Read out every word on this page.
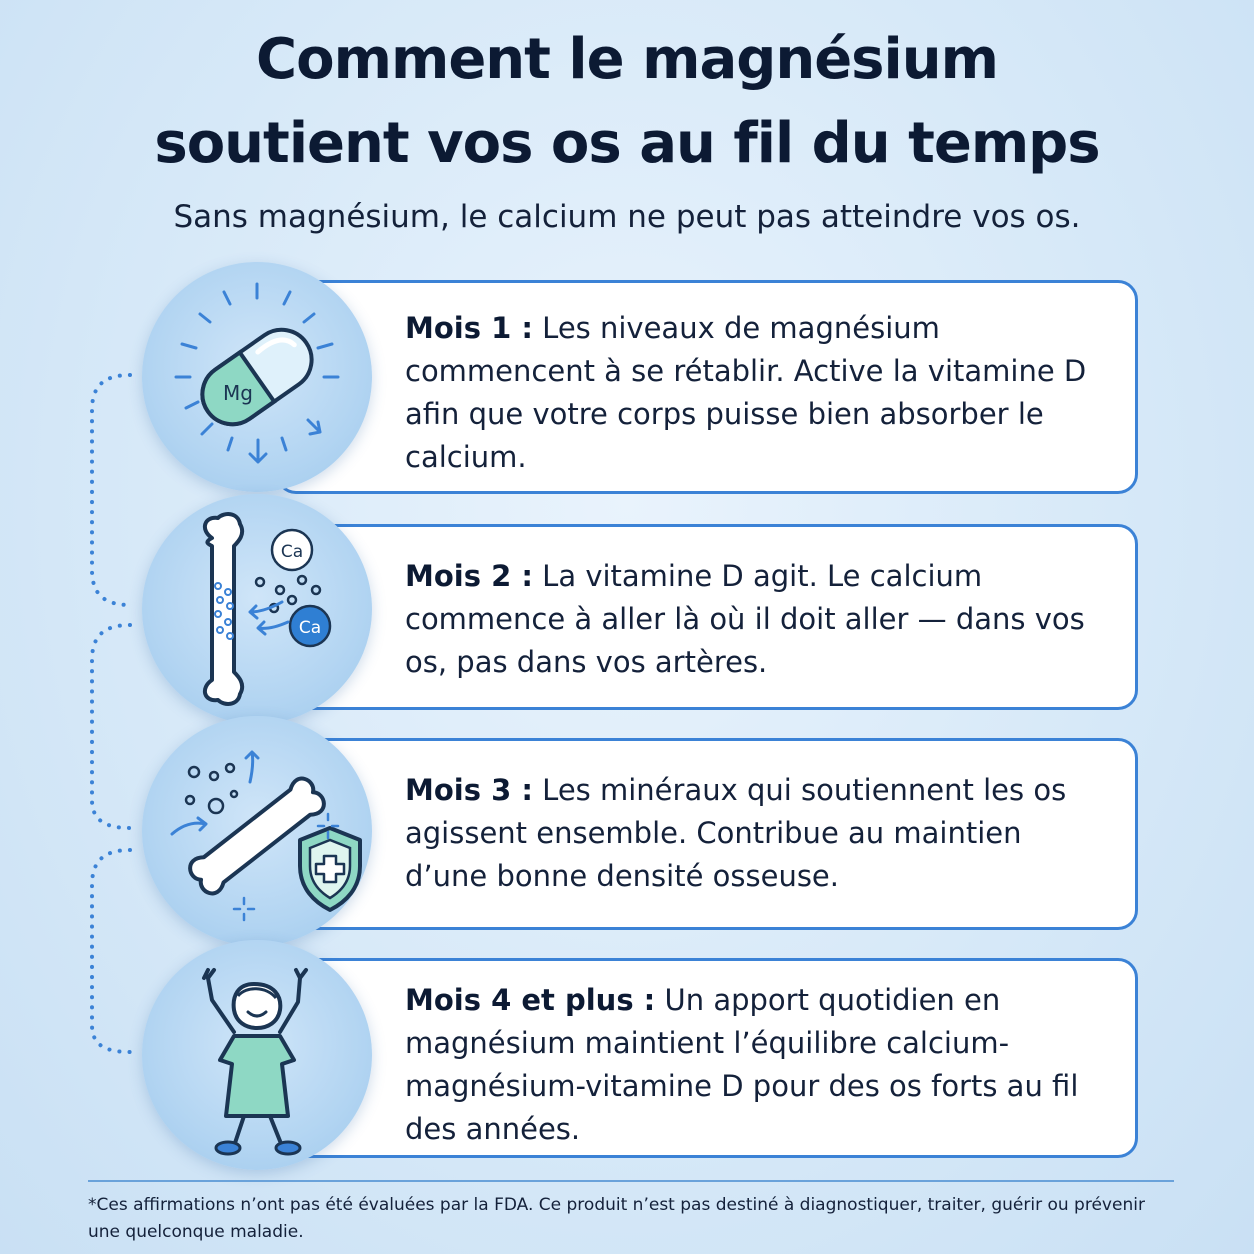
Comment le magnésium
soutient vos os au fil du temps

Sans magnésium, le calcium ne peut pas atteindre vos os.

Mois 1 : Les niveaux de magnésium commencent à se rétablir. Active la vitamine D afin que votre corps puisse bien absorber le calcium.

Mois 2 : La vitamine D agit. Le calcium commence à aller là où il doit aller — dans vos os, pas dans vos artères.

Mois 3 : Les minéraux qui soutiennent les os agissent ensemble. Contribue au maintien d’une bonne densité osseuse.

Mois 4 et plus : Un apport quotidien en magnésium maintient l’équilibre calcium-magnésium-vitamine D pour des os forts au fil des années.

Mg
Ca
Ca

*Ces affirmations n’ont pas été évaluées par la FDA. Ce produit n’est pas destiné à diagnostiquer, traiter, guérir ou prévenir une quelconque maladie.
